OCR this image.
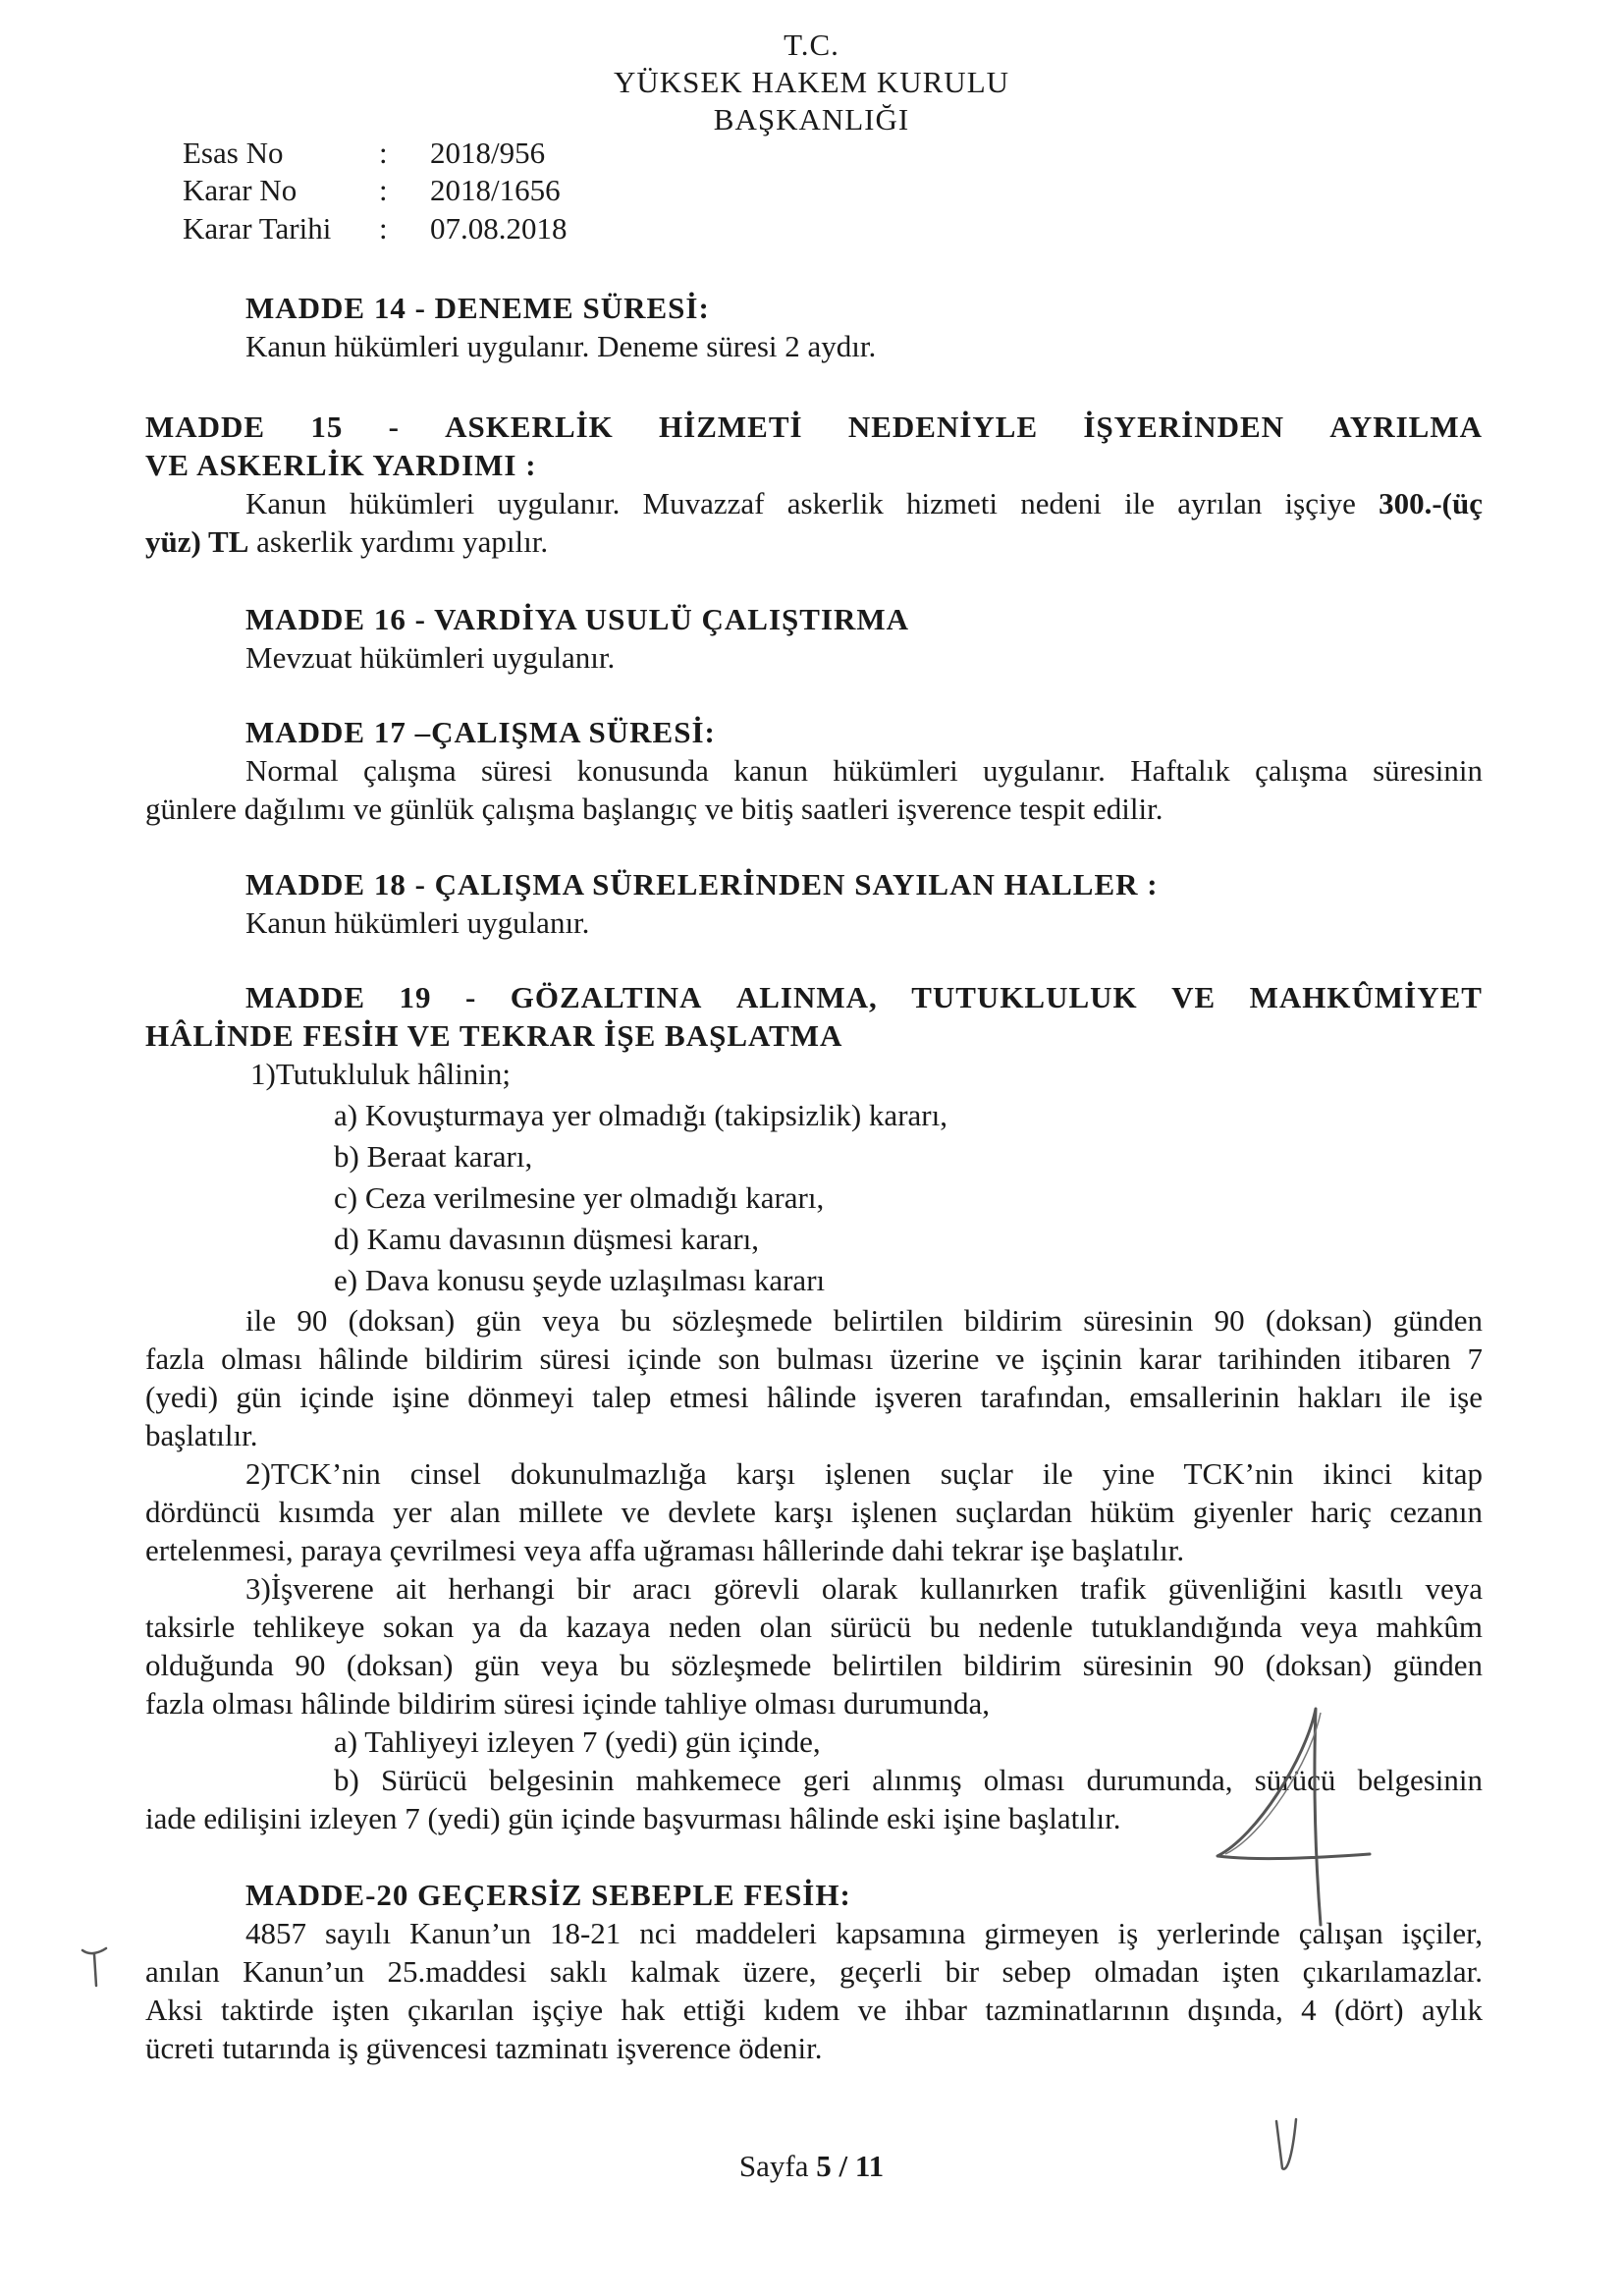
T.C.
YÜKSEK HAKEM KURULU
BAŞKANLIĞI
Esas No	:	2018/956
Karar No	:	2018/1656
Karar Tarihi	:	07.08.2018
MADDE 14 - DENEME SÜRESİ:
Kanun hükümleri uygulanır. Deneme süresi 2 aydır.
MADDE 15 - ASKERLİK HİZMETİ NEDENİYLE İŞYERİNDEN AYRILMA
VE ASKERLİK YARDIMI :
Kanun hükümleri uygulanır. Muvazzaf askerlik hizmeti nedeni ile ayrılan işçiye 300.-(üç
yüz) TL askerlik yardımı yapılır.
MADDE 16 - VARDİYA USULÜ ÇALIŞTIRMA
Mevzuat hükümleri uygulanır.
MADDE 17 –ÇALIŞMA SÜRESİ:
Normal çalışma süresi konusunda kanun hükümleri uygulanır. Haftalık çalışma süresinin
günlere dağılımı ve günlük çalışma başlangıç ve bitiş saatleri işverence tespit edilir.
MADDE 18 - ÇALIŞMA SÜRELERİNDEN SAYILAN HALLER :
Kanun hükümleri uygulanır.
MADDE 19 - GÖZALTINA ALINMA, TUTUKLULUK VE MAHKÛMİYET
HÂLİNDE FESİH VE TEKRAR İŞE BAŞLATMA
1)Tutukluluk hâlinin;
a) Kovuşturmaya yer olmadığı (takipsizlik) kararı,
b) Beraat kararı,
c) Ceza verilmesine yer olmadığı kararı,
d) Kamu davasının düşmesi kararı,
e) Dava konusu şeyde uzlaşılması kararı
ile 90 (doksan) gün veya bu sözleşmede belirtilen bildirim süresinin 90 (doksan) günden
fazla olması hâlinde bildirim süresi içinde son bulması üzerine ve işçinin karar tarihinden itibaren 7
(yedi) gün içinde işine dönmeyi talep etmesi hâlinde işveren tarafından, emsallerinin hakları ile işe
başlatılır.
2)TCK’nin cinsel dokunulmazlığa karşı işlenen suçlar ile yine TCK’nin ikinci kitap
dördüncü kısımda yer alan millete ve devlete karşı işlenen suçlardan hüküm giyenler hariç cezanın
ertelenmesi, paraya çevrilmesi veya affa uğraması hâllerinde dahi tekrar işe başlatılır.
3)İşverene ait herhangi bir aracı görevli olarak kullanırken trafik güvenliğini kasıtlı veya
taksirle tehlikeye sokan ya da kazaya neden olan sürücü bu nedenle tutuklandığında veya mahkûm
olduğunda 90 (doksan) gün veya bu sözleşmede belirtilen bildirim süresinin 90 (doksan) günden
fazla olması hâlinde bildirim süresi içinde tahliye olması durumunda,
a) Tahliyeyi izleyen 7 (yedi) gün içinde,
b) Sürücü belgesinin mahkemece geri alınmış olması durumunda, sürücü belgesinin
iade edilişini izleyen 7 (yedi) gün içinde başvurması hâlinde eski işine başlatılır.
MADDE-20 GEÇERSİZ SEBEPLE FESİH:
4857 sayılı Kanun’un 18-21 nci maddeleri kapsamına girmeyen iş yerlerinde çalışan işçiler,
anılan Kanun’un 25.maddesi saklı kalmak üzere, geçerli bir sebep olmadan işten çıkarılamazlar.
Aksi taktirde işten çıkarılan işçiye hak ettiği kıdem ve ihbar tazminatlarının dışında, 4 (dört) aylık
ücreti tutarında iş güvencesi tazminatı işverence ödenir.
Sayfa 5 / 11
